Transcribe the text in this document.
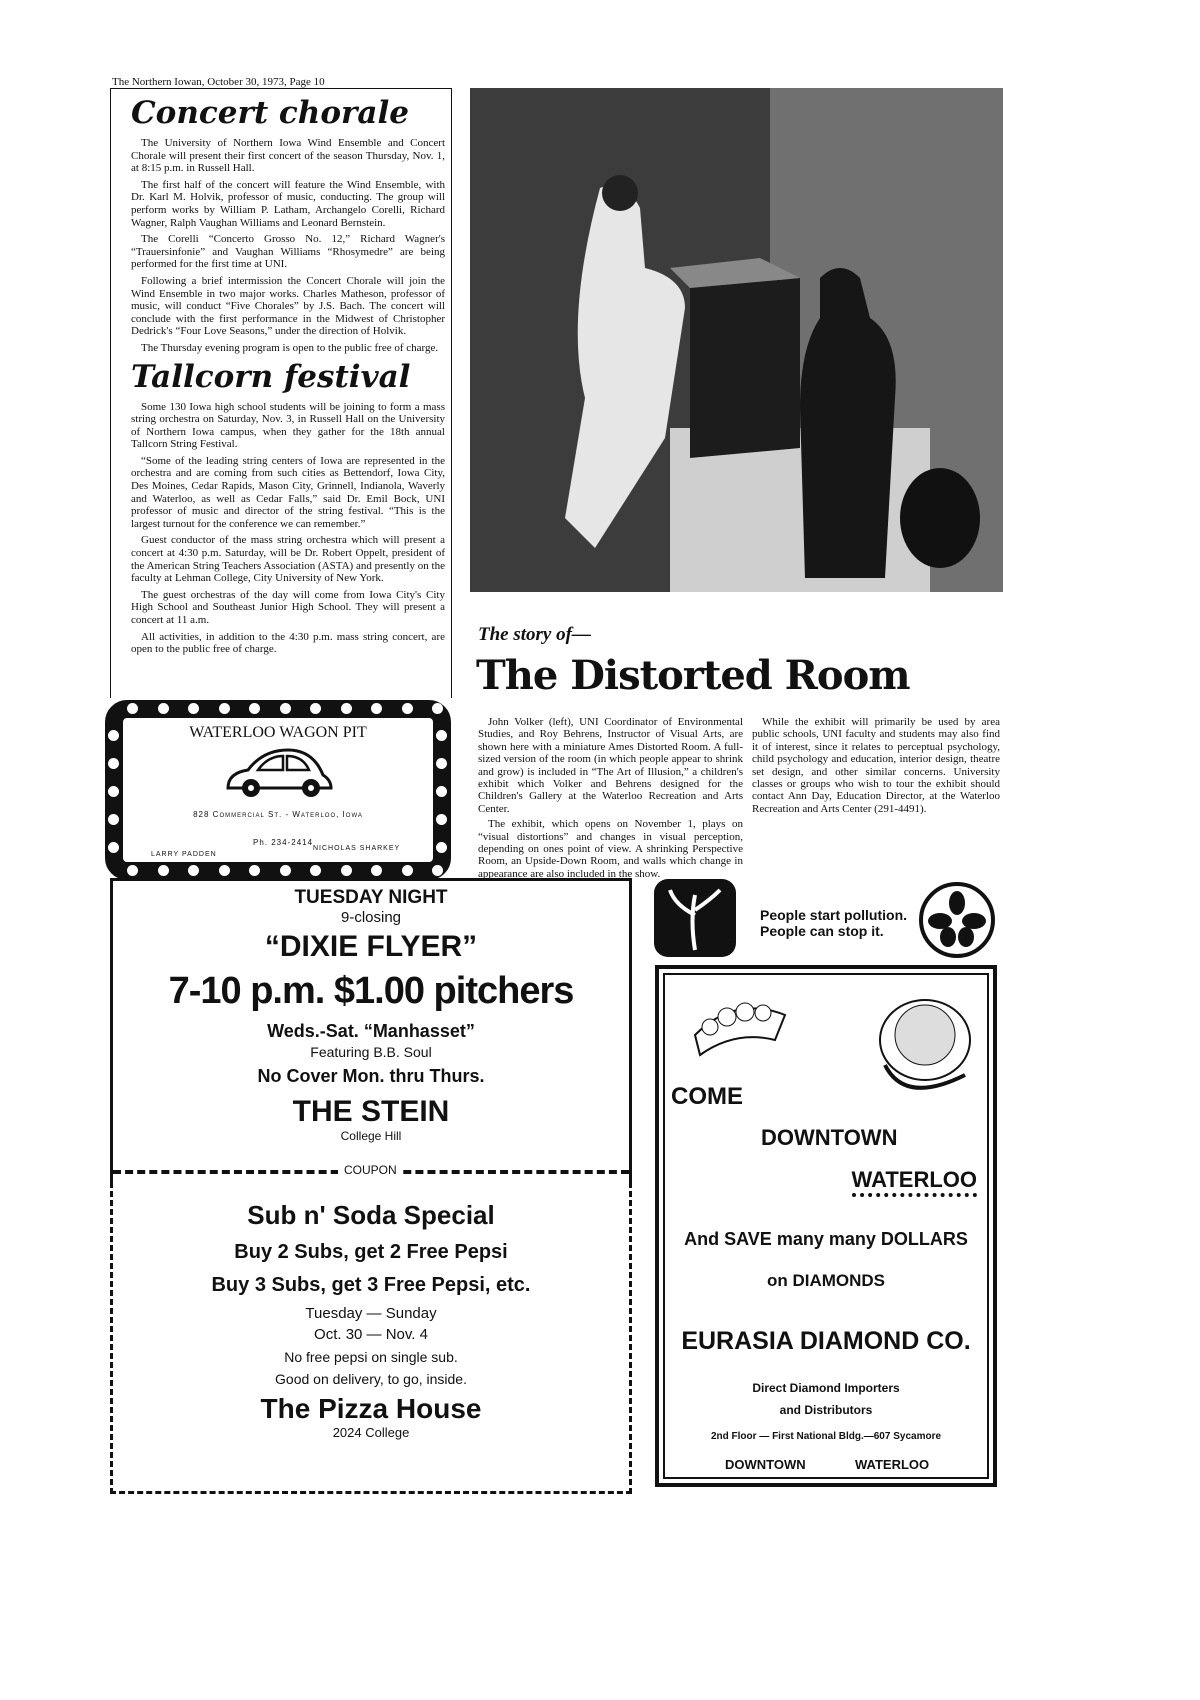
The Northern Iowan, October 30, 1973, Page 10
Concert chorale

The University of Northern Iowa Wind Ensemble and Concert Chorale will present their first concert of the season Thursday, Nov. 1, at 8:15 p.m. in Russell Hall.

The first half of the concert will feature the Wind Ensemble, with Dr. Karl M. Holvik, professor of music, conducting. The group will perform works by William P. Latham, Archangelo Corelli, Richard Wagner, Ralph Vaughan Williams and Leonard Bernstein.

The Corelli “Concerto Grosso No. 12,” Richard Wagner's “Trauersinfonie” and Vaughan Williams “Rhosymedre” are being performed for the first time at UNI.

Following a brief intermission the Concert Chorale will join the Wind Ensemble in two major works. Charles Matheson, professor of music, will conduct “Five Chorales” by J.S. Bach. The concert will conclude with the first performance in the Midwest of Christopher Dedrick's “Four Love Seasons,” under the direction of Holvik.

The Thursday evening program is open to the public free of charge.

Tallcorn festival

Some 130 Iowa high school students will be joining to form a mass string orchestra on Saturday, Nov. 3, in Russell Hall on the University of Northern Iowa campus, when they gather for the 18th annual Tallcorn String Festival.

“Some of the leading string centers of Iowa are represented in the orchestra and are coming from such cities as Bettendorf, Iowa City, Des Moines, Cedar Rapids, Mason City, Grinnell, Indianola, Waverly and Waterloo, as well as Cedar Falls,” said Dr. Emil Bock, UNI professor of music and director of the string festival. “This is the largest turnout for the conference we can remember.”

Guest conductor of the mass string orchestra which will present a concert at 4:30 p.m. Saturday, will be Dr. Robert Oppelt, president of the American String Teachers Association (ASTA) and presently on the faculty at Lehman College, City University of New York.

The guest orchestras of the day will come from Iowa City's City High School and Southeast Junior High School. They will present a concert at 11 a.m.

All activities, in addition to the 4:30 p.m. mass string concert, are open to the public free of charge.

The story of—
The Distorted Room

John Volker (left), UNI Coordinator of Environmental Studies, and Roy Behrens, Instructor of Visual Arts, are shown here with a miniature Ames Distorted Room. A full-sized version of the room (in which people appear to shrink and grow) is included in “The Art of Illusion,” a children's exhibit which Volker and Behrens designed for the Children's Gallery at the Waterloo Recreation and Arts Center.

The exhibit, which opens on November 1, plays on “visual distortions” and changes in visual perception, depending on ones point of view. A shrinking Perspective Room, an Upside-Down Room, and walls which change in appearance are also included in the show.

While the exhibit will primarily be used by area public schools, UNI faculty and students may also find it of interest, since it relates to perceptual psychology, child psychology and education, interior design, theatre set design, and other similar concerns. University classes or groups who wish to tour the exhibit should contact Ann Day, Education Director, at the Waterloo Recreation and Arts Center (291-4491).

WATERLOO WAGON PIT
828 Commercial St. - Waterloo, Iowa
Ph. 234-2414
LARRY PADDEN
NICHOLAS SHARKEY
TUESDAY NIGHT
9-closing
“DIXIE FLYER”
7-10 p.m. $1.00 pitchers
Weds.-Sat. “Manhasset”
Featuring B.B. Soul
No Cover Mon. thru Thurs.
THE STEIN
College Hill
COUPON
Sub n' Soda Special
Buy 2 Subs, get 2 Free Pepsi
Buy 3 Subs, get 3 Free Pepsi, etc.
Tuesday — Sunday
Oct. 30 — Nov. 4
No free pepsi on single sub.
Good on delivery, to go, inside.
The Pizza House
2024 College
People start pollution.
People can stop it.
COME
DOWNTOWN
WATERLOO
And SAVE many many DOLLARS
on DIAMONDS
EURASIA DIAMOND CO.
Direct Diamond Importers
and Distributors
2nd Floor — First National Bldg.—607 Sycamore
DOWNTOWN	WATERLOO
